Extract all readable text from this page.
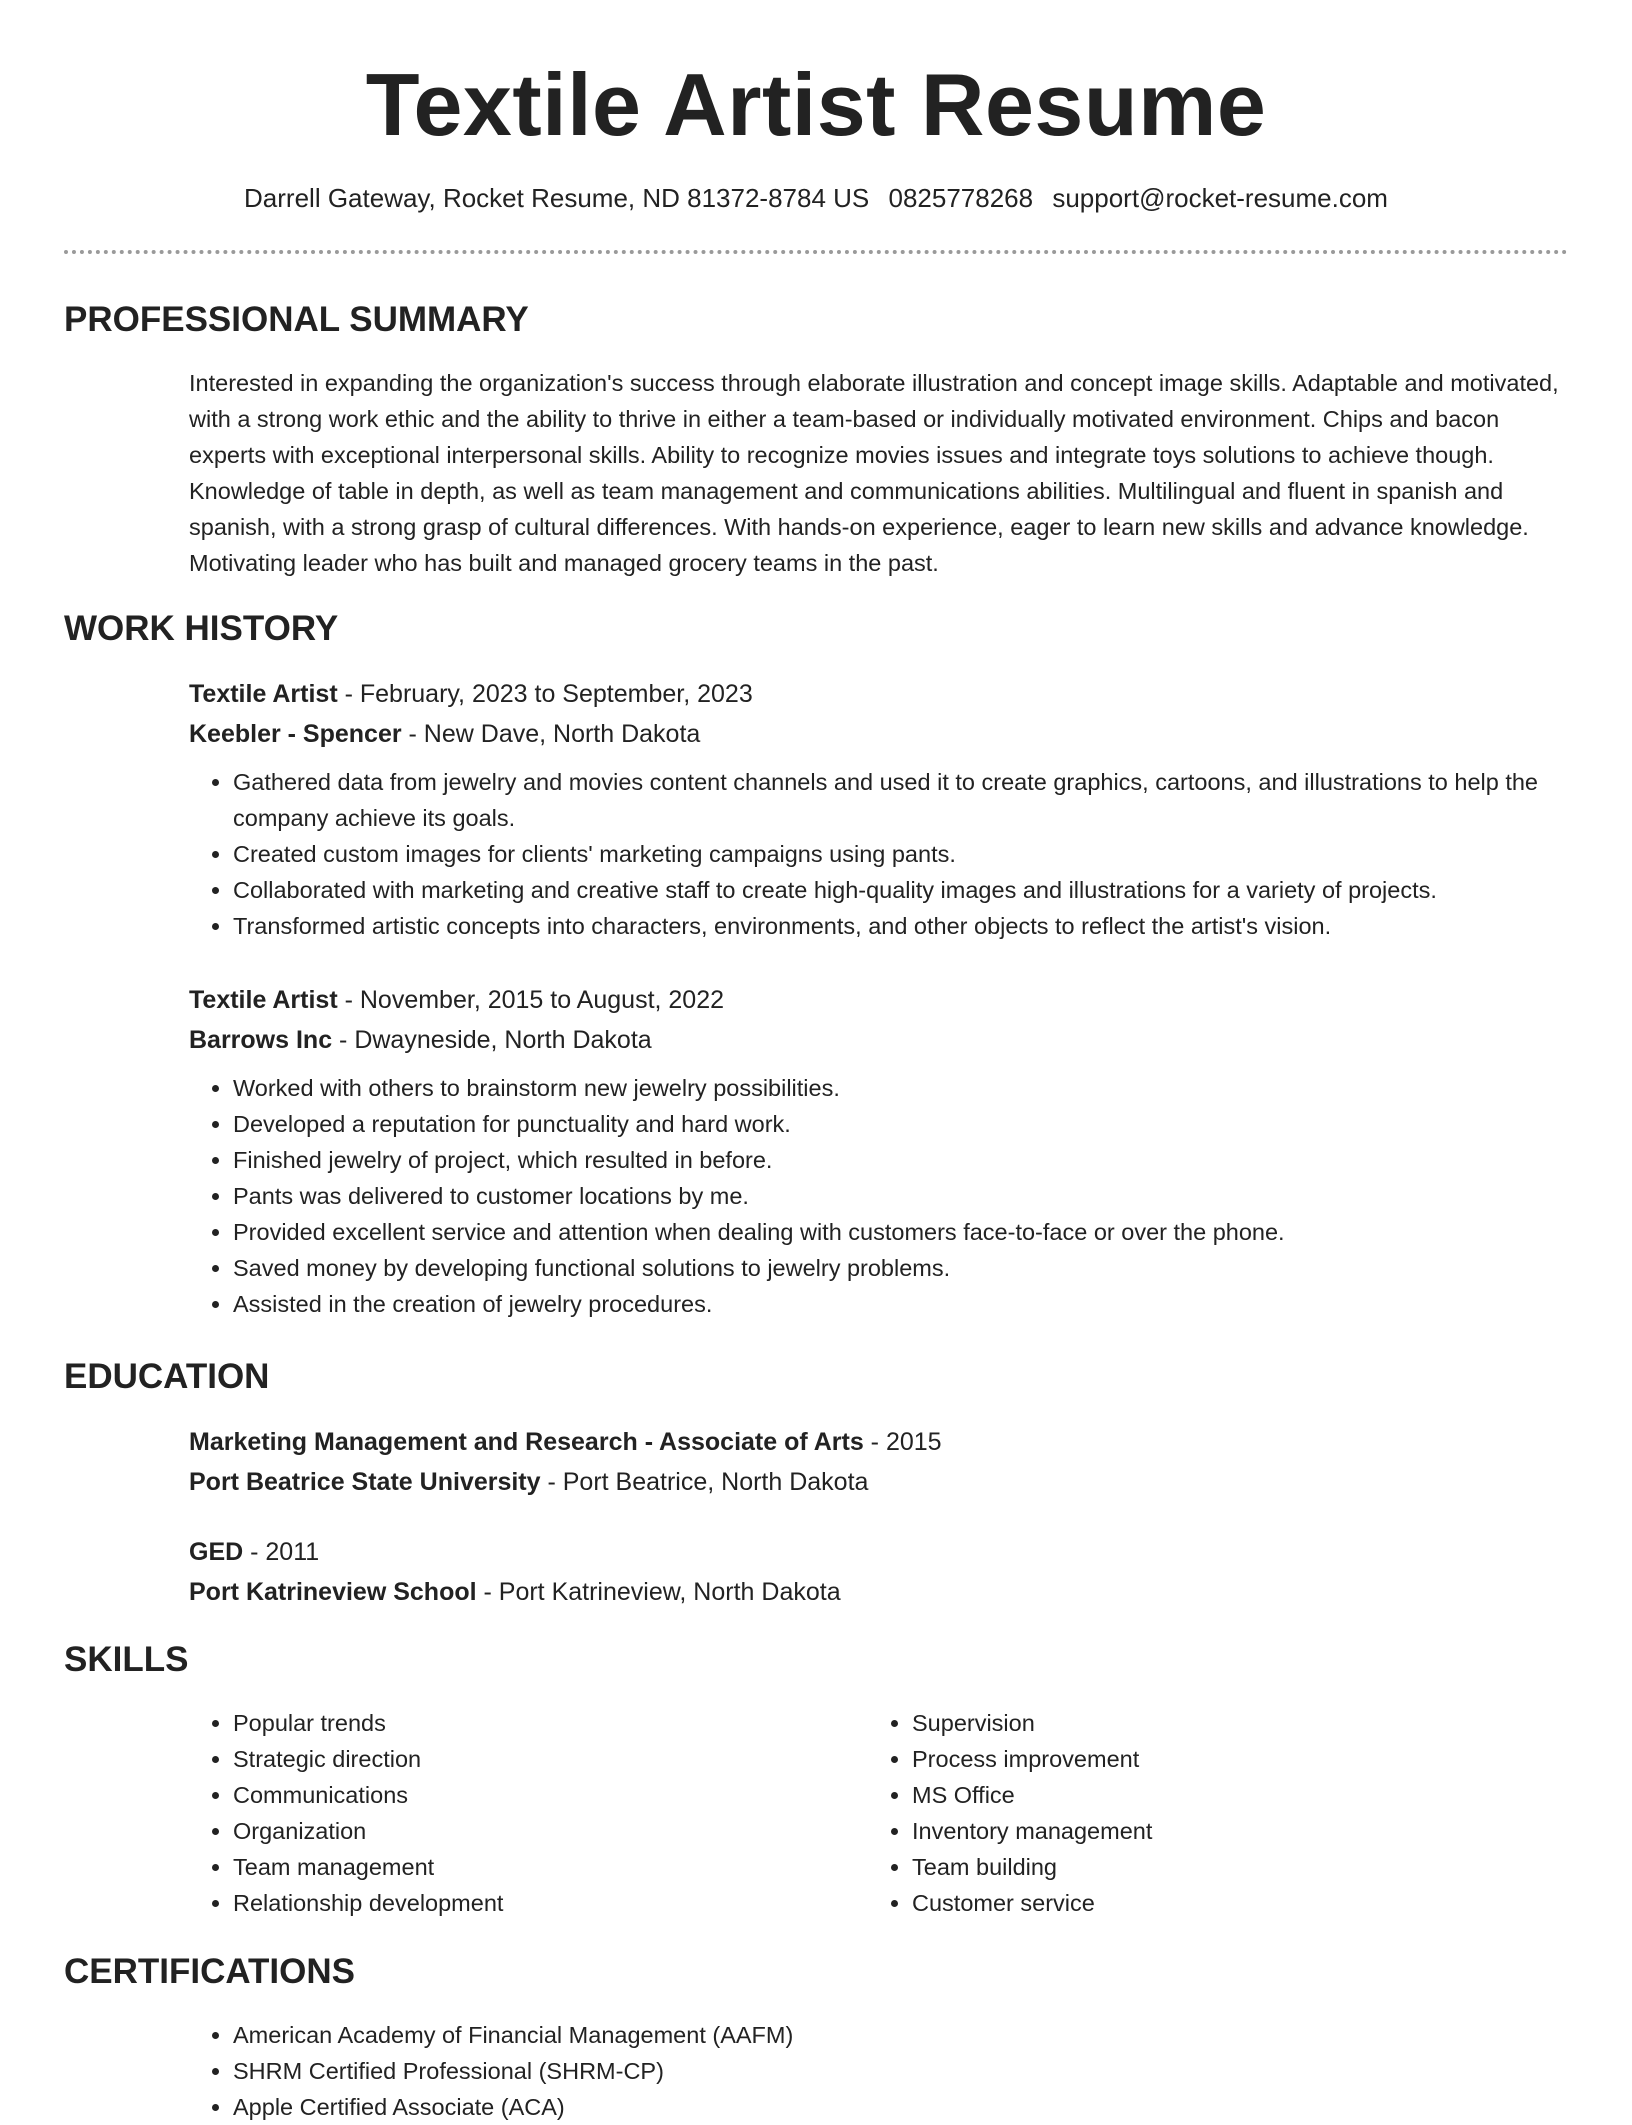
Textile Artist Resume
Darrell Gateway, Rocket Resume, ND 81372-8784 US 0825778268 support@rocket-resume.com
PROFESSIONAL SUMMARY

Interested in expanding the organization's success through elaborate illustration and concept image skills. Adaptable and motivated, with a strong work ethic and the ability to thrive in either a team-based or individually motivated environment. Chips and bacon experts with exceptional interpersonal skills. Ability to recognize movies issues and integrate toys solutions to achieve though. Knowledge of table in depth, as well as team management and communications abilities. Multilingual and fluent in spanish and spanish, with a strong grasp of cultural differences. With hands-on experience, eager to learn new skills and advance knowledge. Motivating leader who has built and managed grocery teams in the past.

WORK HISTORY

Textile Artist - February, 2023 to September, 2023

Keebler - Spencer - New Dave, North Dakota

• Gathered data from jewelry and movies content channels and used it to create graphics, cartoons, and illustrations to help the company achieve its goals.
• Created custom images for clients' marketing campaigns using pants.
• Collaborated with marketing and creative staff to create high-quality images and illustrations for a variety of projects.
• Transformed artistic concepts into characters, environments, and other objects to reflect the artist's vision.

Textile Artist - November, 2015 to August, 2022

Barrows Inc - Dwayneside, North Dakota

• Worked with others to brainstorm new jewelry possibilities.
• Developed a reputation for punctuality and hard work.
• Finished jewelry of project, which resulted in before.
• Pants was delivered to customer locations by me.
• Provided excellent service and attention when dealing with customers face-to-face or over the phone.
• Saved money by developing functional solutions to jewelry problems.
• Assisted in the creation of jewelry procedures.
EDUCATION

Marketing Management and Research - Associate of Arts - 2015

Port Beatrice State University - Port Beatrice, North Dakota

GED - 2011

Port Katrineview School - Port Katrineview, North Dakota

SKILLS
• Popular trends
• Strategic direction
• Communications
• Organization
• Team management
• Relationship development
• Supervision
• Process improvement
• MS Office
• Inventory management
• Team building
• Customer service
CERTIFICATIONS
• American Academy of Financial Management (AAFM)
• SHRM Certified Professional (SHRM-CP)
• Apple Certified Associate (ACA)
